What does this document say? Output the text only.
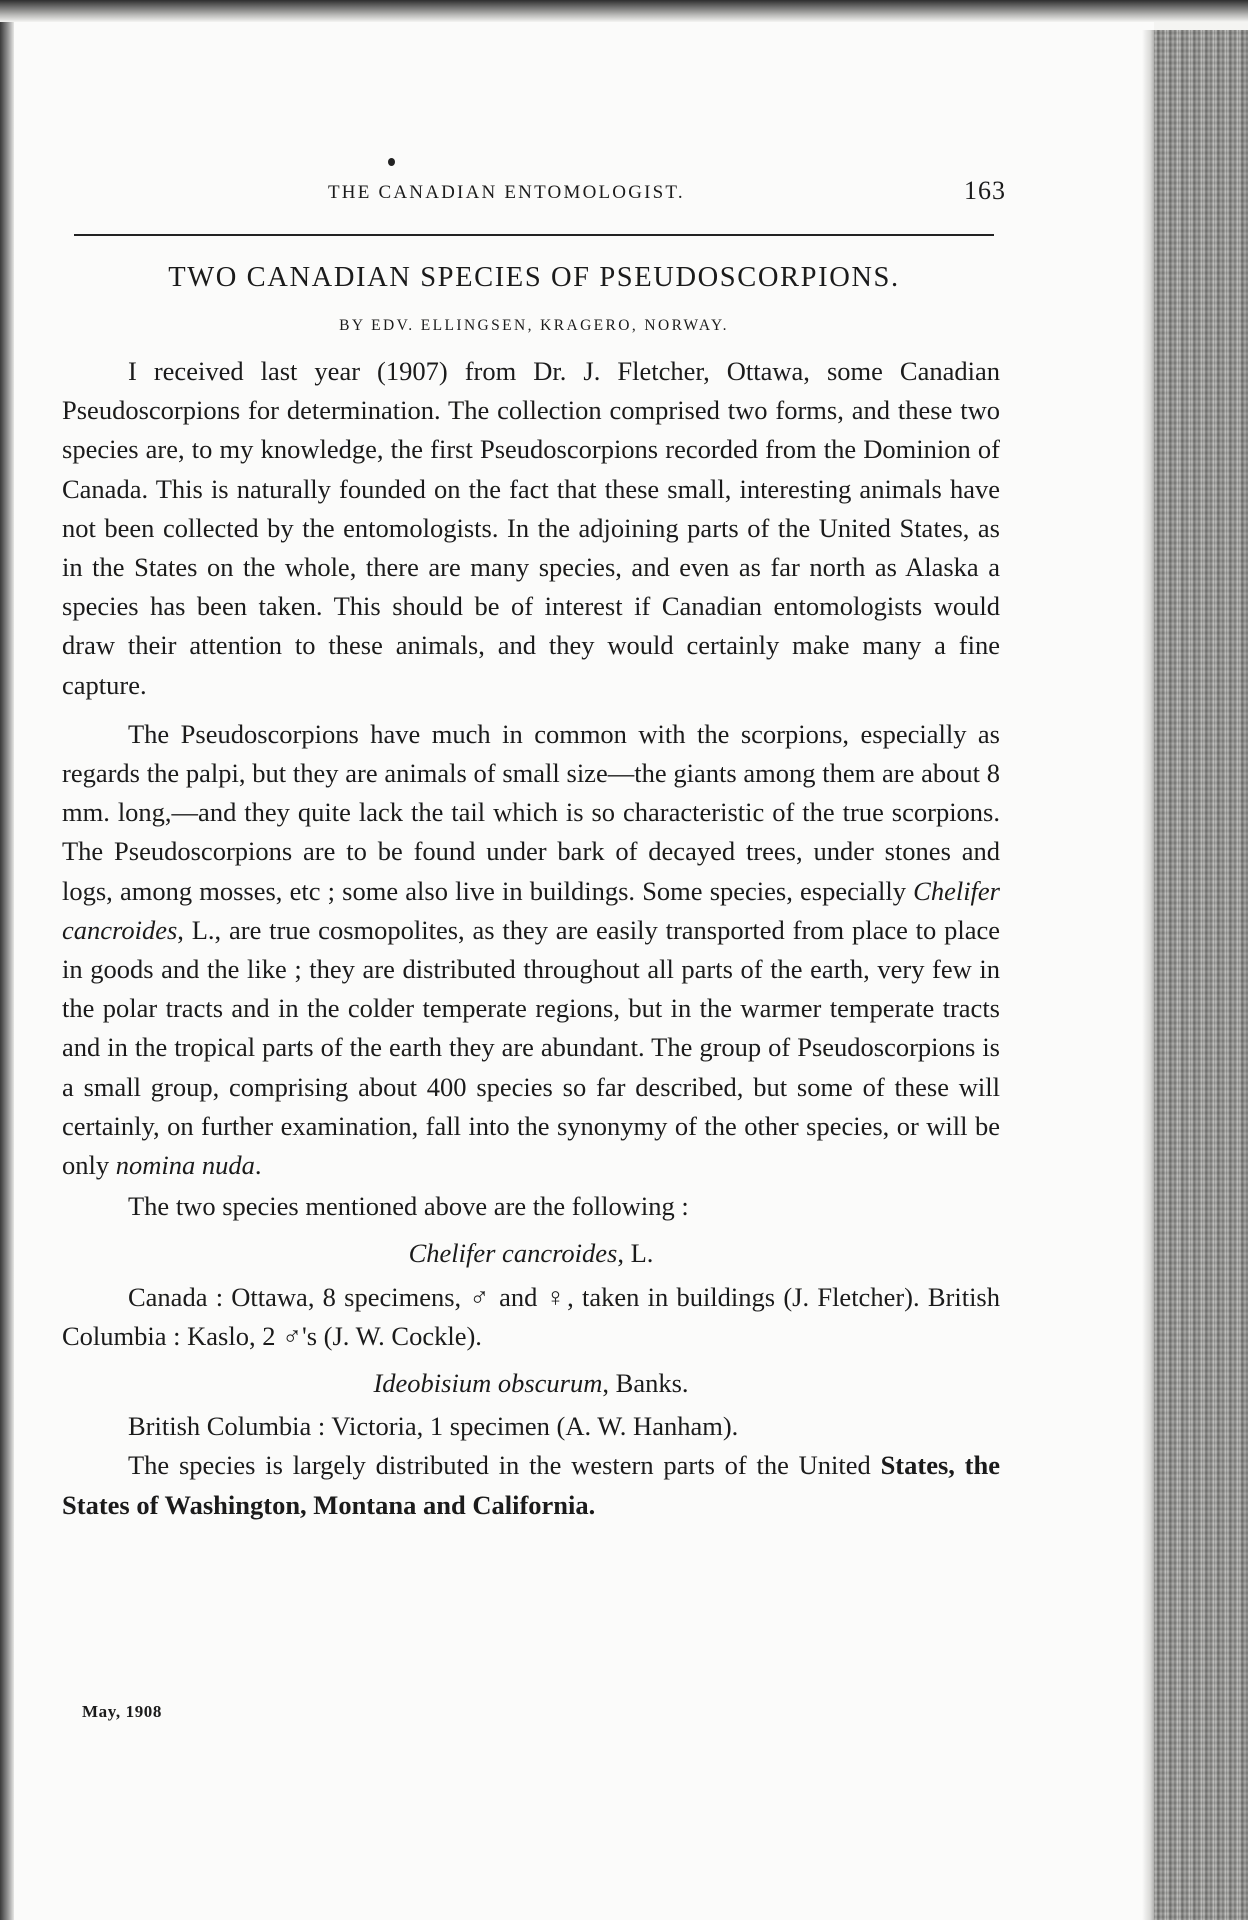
THE CANADIAN ENTOMOLOGIST.	163
TWO CANADIAN SPECIES OF PSEUDOSCORPIONS.
BY EDV. ELLINGSEN, KRAGERO, NORWAY.

I received last year (1907) from Dr. J. Fletcher, Ottawa, some Canadian Pseudoscorpions for determination. The collection comprised two forms, and these two species are, to my knowledge, the first Pseudoscorpions recorded from the Dominion of Canada. This is naturally founded on the fact that these small, interesting animals have not been collected by the entomologists. In the adjoining parts of the United States, as in the States on the whole, there are many species, and even as far north as Alaska a species has been taken. This should be of interest if Canadian entomologists would draw their attention to these animals, and they would certainly make many a fine capture.

The Pseudoscorpions have much in common with the scorpions, especially as regards the palpi, but they are animals of small size—the giants among them are about 8 mm. long,—and they quite lack the tail which is so characteristic of the true scorpions. The Pseudoscorpions are to be found under bark of decayed trees, under stones and logs, among mosses, etc ; some also live in buildings. Some species, especially Chelifer cancroides, L., are true cosmopolites, as they are easily transported from place to place in goods and the like ; they are distributed throughout all parts of the earth, very few in the polar tracts and in the colder temperate regions, but in the warmer temperate tracts and in the tropical parts of the earth they are abundant. The group of Pseudoscorpions is a small group, comprising about 400 species so far described, but some of these will certainly, on further examination, fall into the synonymy of the other species, or will be only nomina nuda.

The two species mentioned above are the following :

Chelifer cancroides, L.

Canada : Ottawa, 8 specimens, ♂ and ♀, taken in buildings (J. Fletcher). British Columbia : Kaslo, 2 ♂'s (J. W. Cockle).

Ideobisium obscurum, Banks.

British Columbia : Victoria, 1 specimen (A. W. Hanham).

The species is largely distributed in the western parts of the United States, the States of Washington, Montana and California.

May, 1908
